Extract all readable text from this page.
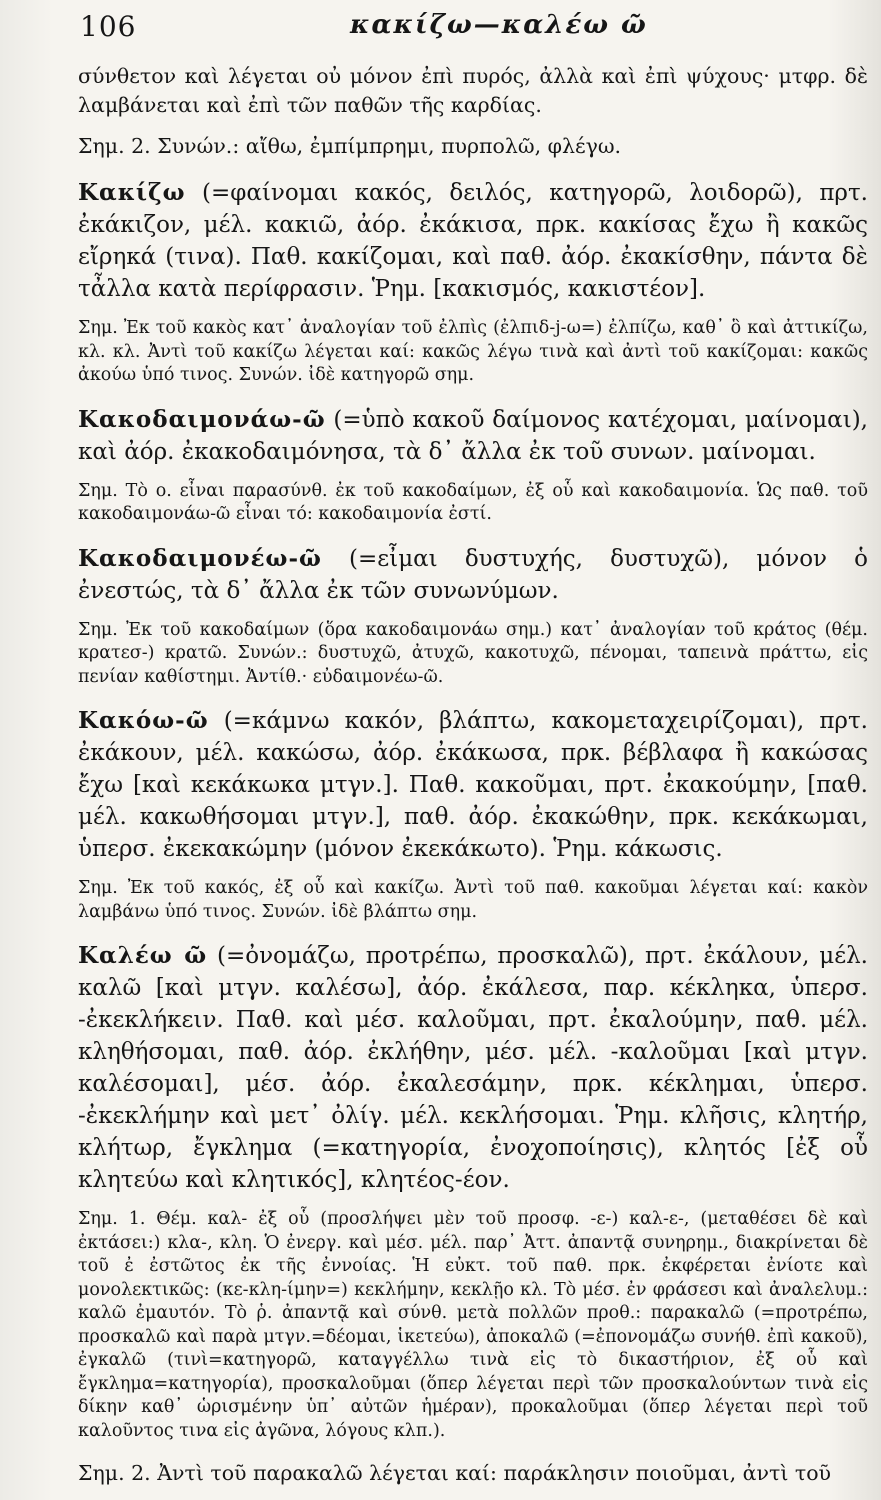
106	κακίζω—καλέω ῶ

σύνθετον καὶ λέγεται οὐ μόνον ἐπὶ πυρός, ἀλλὰ καὶ ἐπὶ ψύχους· μτφρ. δὲ λαμβάνεται καὶ ἐπὶ τῶν παθῶν τῆς καρδίας.

Σημ. 2. Συνών.: αἴθω, ἐμπίμπρημι, πυρπολῶ, φλέγω.

Κακίζω (=φαίνομαι κακός, δειλός, κατηγορῶ, λοιδορῶ), πρτ. ἐκάκιζον, μέλ. κακιῶ, ἀόρ. ἐκάκισα, πρκ. κακίσας ἔχω ἢ κακῶς εἴρηκά (τινα). Παθ. κακίζομαι, καὶ παθ. ἀόρ. ἐκακίσθην, πάντα δὲ τἆλλα κατὰ περίφρασιν. Ῥημ. [κακισμός, κακιστέον].

Σημ. Ἐκ τοῦ κακὸς κατ᾿ ἀναλογίαν τοῦ ἐλπὶς (ἐλπιδ-j-ω=) ἐλπίζω, καθ᾿ ὃ καὶ ἀττικίζω, κλ. κλ. Ἀντὶ τοῦ κακίζω λέγεται καί: κακῶς λέγω τινὰ καὶ ἀντὶ τοῦ κακίζομαι: κακῶς ἀκούω ὑπό τινος. Συνών. ἰδὲ κατηγορῶ σημ.

Κακοδαιμονάω-ῶ (=ὑπὸ κακοῦ δαίμονος κατέχομαι, μαίνομαι), καὶ ἀόρ. ἐκακοδαιμόνησα, τὰ δ᾿ ἄλλα ἐκ τοῦ συνων. μαίνομαι.

Σημ. Τὸ ο. εἶναι παρασύνθ. ἐκ τοῦ κακοδαίμων, ἐξ οὗ καὶ κακοδαιμονία. Ὡς παθ. τοῦ κακοδαιμονάω-ῶ εἶναι τό: κακοδαιμονία ἐστί.

Κακοδαιμονέω-ῶ (=εἶμαι δυστυχής, δυστυχῶ), μόνον ὁ ἐνεστώς, τὰ δ᾿ ἄλλα ἐκ τῶν συνωνύμων.

Σημ. Ἐκ τοῦ κακοδαίμων (ὅρα κακοδαιμονάω σημ.) κατ᾿ ἀναλογίαν τοῦ κράτος (θέμ. κρατεσ-) κρατῶ. Συνών.: δυστυχῶ, ἀτυχῶ, κακοτυχῶ, πένομαι, ταπεινὰ πράττω, εἰς πενίαν καθίστημι. Ἀντίθ.· εὐδαιμονέω-ῶ.

Κακόω-ῶ (=κάμνω κακόν, βλάπτω, κακομεταχειρίζομαι), πρτ. ἐκάκουν, μέλ. κακώσω, ἀόρ. ἐκάκωσα, πρκ. βέβλαφα ἢ κακώσας ἔχω [καὶ κεκάκωκα μτγν.]. Παθ. κακοῦμαι, πρτ. ἐκακούμην, [παθ. μέλ. κακωθήσομαι μτγν.], παθ. ἀόρ. ἐκακώθην, πρκ. κεκάκωμαι, ὑπερσ. ἐκεκακώμην (μόνον ἐκεκάκωτο). Ῥημ. κάκωσις.

Σημ. Ἐκ τοῦ κακός, ἐξ οὗ καὶ κακίζω. Ἀντὶ τοῦ παθ. κακοῦμαι λέγεται καί: κακὸν λαμβάνω ὑπό τινος. Συνών. ἰδὲ βλάπτω σημ.

Καλέω ῶ (=ὀνομάζω, προτρέπω, προσκαλῶ), πρτ. ἐκάλουν, μέλ. καλῶ [καὶ μτγν. καλέσω], ἀόρ. ἐκάλεσα, παρ. κέκληκα, ὑπερσ. -ἐκεκλήκειν. Παθ. καὶ μέσ. καλοῦμαι, πρτ. ἐκαλούμην, παθ. μέλ. κληθήσομαι, παθ. ἀόρ. ἐκλήθην, μέσ. μέλ. -καλοῦμαι [καὶ μτγν. καλέσομαι], μέσ. ἀόρ. ἐκαλεσάμην, πρκ. κέκλημαι, ὑπερσ. -ἐκεκλήμην καὶ μετ᾿ ὀλίγ. μέλ. κεκλήσομαι. Ῥημ. κλῆσις, κλητήρ, κλήτωρ, ἔγκλημα (=κατηγορία, ἐνοχοποίησις), κλητός [ἐξ οὗ κλητεύω καὶ κλητικός], κλητέος-έον.

Σημ. 1. Θέμ. καλ- ἐξ οὗ (προσλήψει μὲν τοῦ προσφ. -ε-) καλ-ε-, (μεταθέσει δὲ καὶ ἐκτάσει:) κλα-, κλη. Ὁ ἐνεργ. καὶ μέσ. μέλ. παρ᾿ Ἀττ. ἀπαντᾷ συνηρημ., διακρίνεται δὲ τοῦ ἐ ἐστῶτος ἐκ τῆς ἐννοίας. Ἡ εὐκτ. τοῦ παθ. πρκ. ἐκφέρεται ἐνίοτε καὶ μονολεκτικῶς: (κε-κλη-ίμην=) κεκλήμην, κεκλῇο κλ. Τὸ μέσ. ἐν φράσεσι καὶ ἀναλελυμ.: καλῶ ἐμαυτόν. Τὸ ῥ. ἀπαντᾷ καὶ σύνθ. μετὰ πολλῶν προθ.: παρακαλῶ (=προτρέπω, προσκαλῶ καὶ παρὰ μτγν.=δέομαι, ἱκετεύω), ἀποκαλῶ (=ἐπονομάζω συνήθ. ἐπὶ κακοῦ), ἐγκαλῶ (τινὶ=κατηγορῶ, καταγγέλλω τινὰ εἰς τὸ δικαστήριον, ἐξ οὗ καὶ ἔγκλημα=κατηγορία), προσκαλοῦμαι (ὅπερ λέγεται περὶ τῶν προσκαλούντων τινὰ εἰς δίκην καθ᾿ ὡρισμένην ὑπ᾿ αὐτῶν ἡμέραν), προκαλοῦμαι (ὅπερ λέγεται περὶ τοῦ καλοῦντος τινα εἰς ἀγῶνα, λόγους κλπ.).

Σημ. 2. Ἀντὶ τοῦ παρακαλῶ λέγεται καί: παράκλησιν ποιοῦμαι, ἀντὶ τοῦ
